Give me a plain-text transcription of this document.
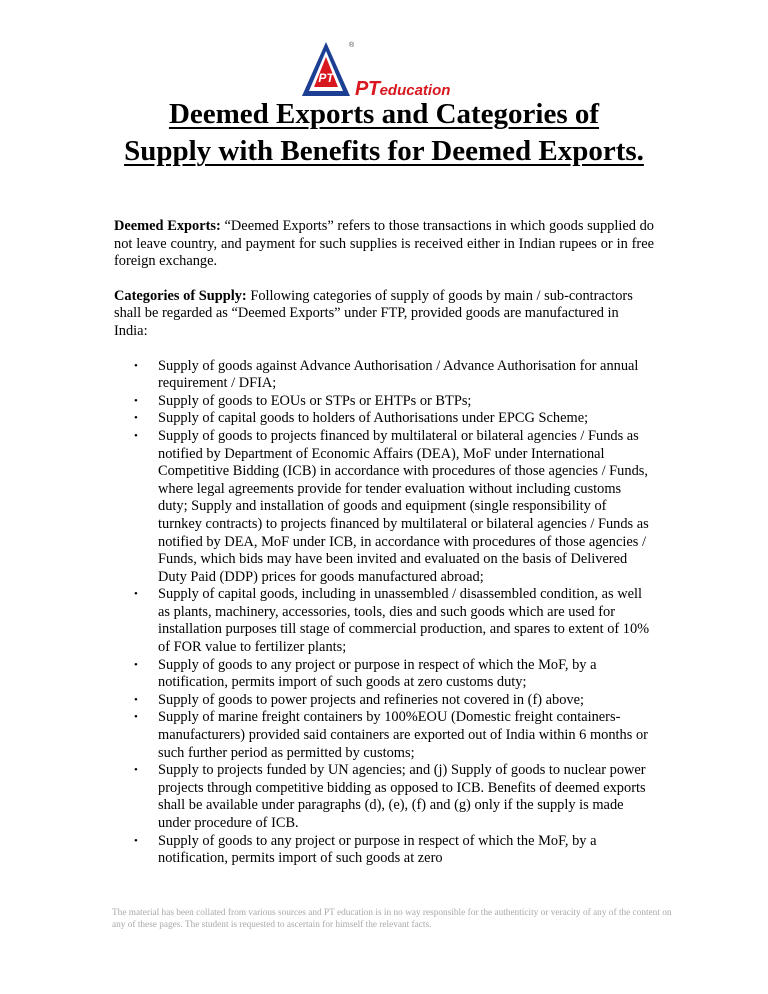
PT
®
PTeducation
Deemed Exports and Categories of
Supply with Benefits for Deemed Exports.

Deemed Exports: “Deemed Exports” refers to those transactions in which goods supplied do not leave country, and payment for such supplies is received either in Indian rupees or in free foreign exchange.

Categories of Supply: Following categories of supply of goods by main / sub-contractors shall be regarded as “Deemed Exports” under FTP, provided goods are manufactured in India:

• Supply of goods against Advance Authorisation / Advance Authorisation for annual requirement / DFIA;
• Supply of goods to EOUs or STPs or EHTPs or BTPs;
• Supply of capital goods to holders of Authorisations under EPCG Scheme;
• Supply of goods to projects financed by multilateral or bilateral agencies / Funds as notified by Department of Economic Affairs (DEA), MoF under International Competitive Bidding (ICB) in accordance with procedures of those agencies / Funds, where legal agreements provide for tender evaluation without including customs duty; Supply and installation of goods and equipment (single responsibility of turnkey contracts) to projects financed by multilateral or bilateral agencies / Funds as notified by DEA, MoF under ICB, in accordance with procedures of those agencies / Funds, which bids may have been invited and evaluated on the basis of Delivered Duty Paid (DDP) prices for goods manufactured abroad;
• Supply of capital goods, including in unassembled / disassembled condition, as well as plants, machinery, accessories, tools, dies and such goods which are used for installation purposes till stage of commercial production, and spares to extent of 10% of FOR value to fertilizer plants;
• Supply of goods to any project or purpose in respect of which the MoF, by a notification, permits import of such goods at zero customs duty;
• Supply of goods to power projects and refineries not covered in (f) above;
• Supply of marine freight containers by 100%EOU (Domestic freight containers-manufacturers) provided said containers are exported out of India within 6 months or such further period as permitted by customs;
• Supply to projects funded by UN agencies; and (j) Supply of goods to nuclear power projects through competitive bidding as opposed to ICB. Benefits of deemed exports shall be available under paragraphs (d), (e), (f) and (g) only if the supply is made under procedure of ICB.
• Supply of goods to any project or purpose in respect of which the MoF, by a notification, permits import of such goods at zero
The material has been collated from various sources and PT education is in no way responsible for the authenticity or veracity of any of the content on any of these pages. The student is requested to ascertain for himself the relevant facts.
